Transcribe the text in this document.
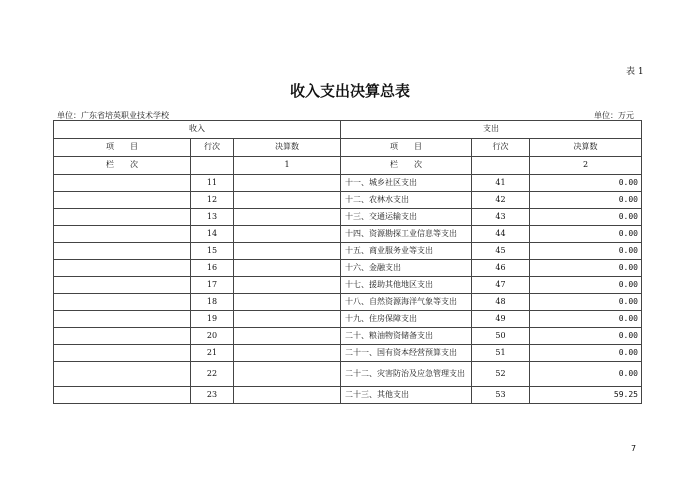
表 1
收入支出决算总表
单位：广东省培英职业技术学校	单位：万元
收入			支出		
项　　目	行次	决算数	项　　目	行次	决算数
栏　　次		1	栏　　次		2
	11		十一、城乡社区支出	41	0.00
	12		十二、农林水支出	42	0.00
	13		十三、交通运输支出	43	0.00
	14		十四、资源勘探工业信息等支出	44	0.00
	15		十五、商业服务业等支出	45	0.00
	16		十六、金融支出	46	0.00
	17		十七、援助其他地区支出	47	0.00
	18		十八、自然资源海洋气象等支出	48	0.00
	19		十九、住房保障支出	49	0.00
	20		二十、粮油物资储备支出	50	0.00
	21		二十一、国有资本经营预算支出	51	0.00
	22		二十二、灾害防治及应急管理支出	52	0.00
	23		二十三、其他支出	53	59.25
7
